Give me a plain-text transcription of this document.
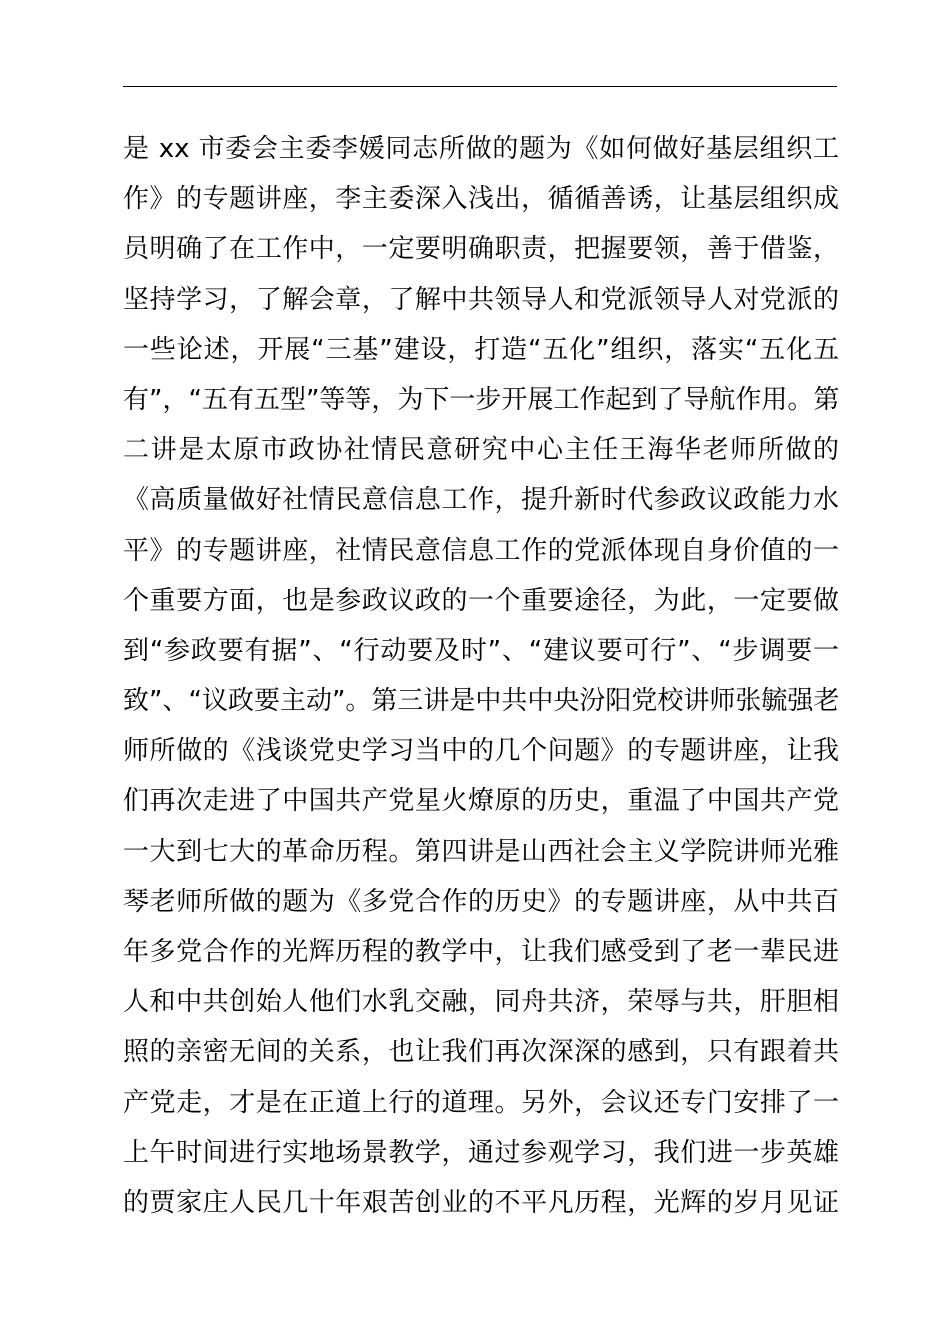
是 xx 市委会主委李媛同志所做的题为《如何做好基层组织工
作》的专题讲座，李主委深入浅出，循循善诱，让基层组织成
员明确了在工作中，一定要明确职责，把握要领，善于借鉴，
坚持学习，了解会章，了解中共领导人和党派领导人对党派的
一些论述，开展“三基”建设，打造“五化”组织，落实“五化五
有”，“五有五型”等等，为下一步开展工作起到了导航作用。第
二讲是太原市政协社情民意研究中心主任王海华老师所做的
《高质量做好社情民意信息工作，提升新时代参政议政能力水
平》的专题讲座，社情民意信息工作的党派体现自身价值的一
个重要方面，也是参政议政的一个重要途径，为此，一定要做
到“参政要有据”、“行动要及时”、“建议要可行”、“步调要一
致”、“议政要主动”。第三讲是中共中央汾阳党校讲师张毓强老
师所做的《浅谈党史学习当中的几个问题》的专题讲座，让我
们再次走进了中国共产党星火燎原的历史，重温了中国共产党
一大到七大的革命历程。第四讲是山西社会主义学院讲师光雅
琴老师所做的题为《多党合作的历史》的专题讲座，从中共百
年多党合作的光辉历程的教学中，让我们感受到了老一辈民进
人和中共创始人他们水乳交融，同舟共济，荣辱与共，肝胆相
照的亲密无间的关系，也让我们再次深深的感到，只有跟着共
产党走，才是在正道上行的道理。另外，会议还专门安排了一
上午时间进行实地场景教学，通过参观学习，我们进一步英雄
的贾家庄人民几十年艰苦创业的不平凡历程，光辉的岁月见证
